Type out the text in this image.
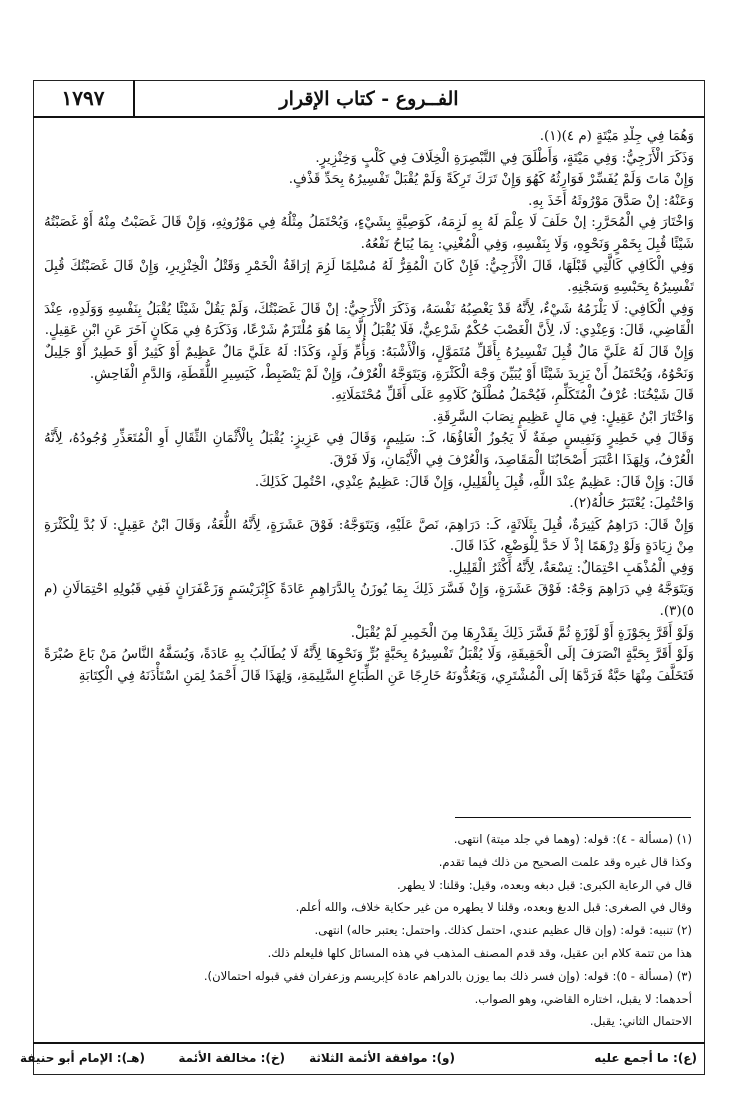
الفــروع - كتاب الإقرار
١٧٩٧

وَهُمَا فِي جِلْدِ مَيْتَةٍ (م ٤)(١).

وَذَكَرَ الْأَزَجِيُّ: وَفِي مَيْتَةٍ، وَأَطْلَقَ فِي التَّبْصِرَةِ الْخِلَافَ فِي كَلْبٍ وَخِنْزِيرٍ.

وَإِنْ مَاتَ وَلَمْ يُفَسِّرْ فَوَارِثُهُ كَهُوَ وَإِنْ تَرَكَ تَرِكَةً وَلَمْ يُقْبَلْ تَفْسِيرُهُ بِحَدِّ قَذْفٍ.

وَعَنْهُ: إنْ صَدَّقَ مَوْرُوثَهُ أَخَذَ بِهِ.

وَاخْتَارَ فِي الْمُحَرَّرِ: إنْ حَلَفَ لَا عِلْمَ لَهُ بِهِ لَزِمَهُ، كَوَصِيَّةٍ بِشَيْءٍ، وَيُحْتَمَلُ مِثْلُهُ فِي مَوْرُوثِهِ، وَإِنْ قَالَ غَصَبْتُ مِنْهُ أَوْ غَصَبْتُهُ شَيْئًا قُبِلَ بِخَمْرٍ وَنَحْوِهِ، وَلَا بِنَفْسِهِ، وَفِي الْمُغْنِي: بِمَا يُبَاحُ نَفْعُهُ.

وَفِي الْكَافِي كَالَّتِي قَبْلَهَا، قَالَ الْأَزَجِيُّ: فَإِنْ كَانَ الْمُقِرُّ لَهُ مُسْلِمًا لَزِمَ إرَاقَةُ الْخَمْرِ وَقَتْلُ الْخِنْزِيرِ، وَإِنْ قَالَ غَصَبْتُكَ قُبِلَ تَفْسِيرُهُ بِحَبْسِهِ وَسَجْنِهِ.

وَفِي الْكَافِي: لَا يَلْزَمُهُ شَيْءٌ، لِأَنَّهُ قَدْ يَغْصِبُهُ نَفْسَهُ، وَذَكَرَ الْأَزَجِيُّ: إنْ قَالَ غَصَبْتُكَ، وَلَمْ يَقُلْ شَيْئًا يُقْبَلُ بِنَفْسِهِ وَوَلَدِهِ، عِنْدَ الْقَاضِي، قَالَ: وَعِنْدِي: لَا، لِأَنَّ الْغَصْبَ حُكْمٌ شَرْعِيٌّ، فَلَا يُقْبَلُ إلَّا بِمَا هُوَ مُلْتَزَمٌ شَرْعًا، وَذَكَرَهُ فِي مَكَانٍ آخَرَ عَنِ ابْنِ عَقِيلٍ.

وَإِنْ قَالَ لَهُ عَلَيَّ مَالٌ قُبِلَ تَفْسِيرُهُ بِأَقَلِّ مُتَمَوَّلٍ، وَالْأَشْبَهُ: وَبِأُمِّ وَلَدٍ، وَكَذَا: لَهُ عَلَيَّ مَالٌ عَظِيمٌ أَوْ كَثِيرٌ أَوْ خَطِيرٌ أَوْ جَلِيلٌ وَنَحْوُهُ، وَيُحْتَمَلُ أَنْ يَزِيدَ شَيْئًا أَوْ يُبَيِّنَ وَجْهَ الْكَثْرَةِ، وَيَتَوَجَّهُ الْعُرْفُ، وَإِنْ لَمْ يَنْضَبِطْ، كَيَسِيرِ اللُّقَطَةِ، وَالدَّمِ الْفَاحِشِ.

قَالَ شَيْخُنَا: عُرْفُ الْمُتَكَلِّمِ، فَيُحْمَلُ مُطْلَقُ كَلَامِهِ عَلَى أَقَلِّ مُحْتَمَلَاتِهِ.

وَاخْتَارَ ابْنُ عَقِيلٍ: فِي مَالٍ عَظِيمٍ نِصَابَ السَّرِقَةِ.

وَقَالَ فِي خَطِيرٍ وَنَفِيسٍ صِفَةٌ لَا يَجُوزُ الْغَاؤُهَا، كَـ: سَلِيمٍ، وَقَالَ فِي عَزِيزٍ: يُقْبَلُ بِالْأَثْمَانِ الثِّقَالِ أَوِ الْمُتَعَذِّرِ وُجُودُهُ، لِأَنَّهُ الْعُرْفُ، وَلِهَذَا اعْتَبَرَ أَصْحَابُنَا الْمَقَاصِدَ، وَالْعُرْفَ فِي الْأَيْمَانِ، وَلَا فَرْقَ.

قَالَ: وَإِنْ قَالَ: عَظِيمٌ عِنْدَ اللَّهِ، قُبِلَ بِالْقَلِيلِ، وَإِنْ قَالَ: عَظِيمٌ عِنْدِي، احْتُمِلَ كَذَلِكَ.

وَاحْتُمِلَ: يُعْتَبَرُ حَالُهُ(٢).

وَإِنْ قَالَ: دَرَاهِمُ كَثِيرَةٌ، قُبِلَ بِثَلَاثَةٍ، كَـ: دَرَاهِمَ، نَصَّ عَلَيْهِ، وَيَتَوَجَّهُ: فَوْقَ عَشَرَةٍ، لِأَنَّهُ اللُّغَةُ، وَقَالَ ابْنُ عَقِيلٍ: لَا بُدَّ لِلْكَثْرَةِ مِنْ زِيَادَةٍ وَلَوْ دِرْهَمًا إذْ لَا حَدَّ لِلْوَضْعِ، كَذَا قَالَ.

وَفِي الْمُذْهَبِ احْتِمَالٌ: تِسْعَةٌ، لِأَنَّهُ أَكْثَرُ الْقَلِيلِ.

وَيَتَوَجَّهُ فِي دَرَاهِمَ وَجْهٌ: فَوْقَ عَشَرَةٍ، وَإِنْ فَسَّرَ ذَلِكَ بِمَا يُوزَنُ بِالدَّرَاهِمِ عَادَةً كَإِبْرَيْسَمٍ وَزَعْفَرَانٍ فَفِي قَبُولِهِ احْتِمَالَانِ (م ٥)(٣).

وَلَوْ أَقَرَّ بِجَوْزَةٍ أَوْ لَوْزَةٍ ثُمَّ فَسَّرَ ذَلِكَ بِقَدْرِهَا مِنَ الْخَمِيرِ لَمْ يُقْبَلْ.

وَلَوْ أَقَرَّ بِحَبَّةٍ انْصَرَفَ إلَى الْحَقِيقَةِ، وَلَا يُقْبَلُ تَفْسِيرُهُ بِحَبَّةٍ بُرٍّ وَنَحْوِهَا لِأَنَّهُ لَا يُطَالَبُ بِهِ عَادَةً، وَيُسَفَّهُ النَّاسُ مَنْ بَاعَ صُبْرَةً فَتَخَلَّفَ مِنْهَا حَبَّةٌ فَرَدَّهَا إلَى الْمُشْتَرِي، وَيَعُدُّونَهُ خَارِجًا عَنِ الطِّبَاعِ السَّلِيمَةِ، وَلِهَذَا قَالَ أَحْمَدُ لِمَنِ اسْتَأْذَنَهُ فِي الْكِتَابَةِ

(١) (مسألة - ٤): قوله: (وهما في جلد ميتة) انتهى.

وكذا قال غيره وقد علمت الصحيح من ذلك فيما تقدم.

قال في الرعاية الكبرى: قبل دبغه وبعده، وقيل: وقلنا: لا يطهر.

وقال في الصغرى: قبل الدبغ وبعده، وقلنا لا يطهره من غير حكاية خلاف، والله أعلم.

(٢) تنبيه: قوله: (وإن قال عظيم عندي، احتمل كذلك. واحتمل: يعتبر حاله) انتهى.

هذا من تتمة كلام ابن عقيل، وقد قدم المصنف المذهب في هذه المسائل كلها فليعلم ذلك.

(٣) (مسألة - ٥): قوله: (وإن فسر ذلك بما يوزن بالدراهم عادة كإبريسم وزعفران ففي قبوله احتمالان).

أحدهما: لا يقبل، اختاره القاضي، وهو الصواب.

الاحتمال الثاني: يقبل.

(ع): ما أجمع عليه
(و): موافقة الأئمة الثلاثة
(خ): مخالفة الأئمة
(هـ): الإمام أبو حنيفة
